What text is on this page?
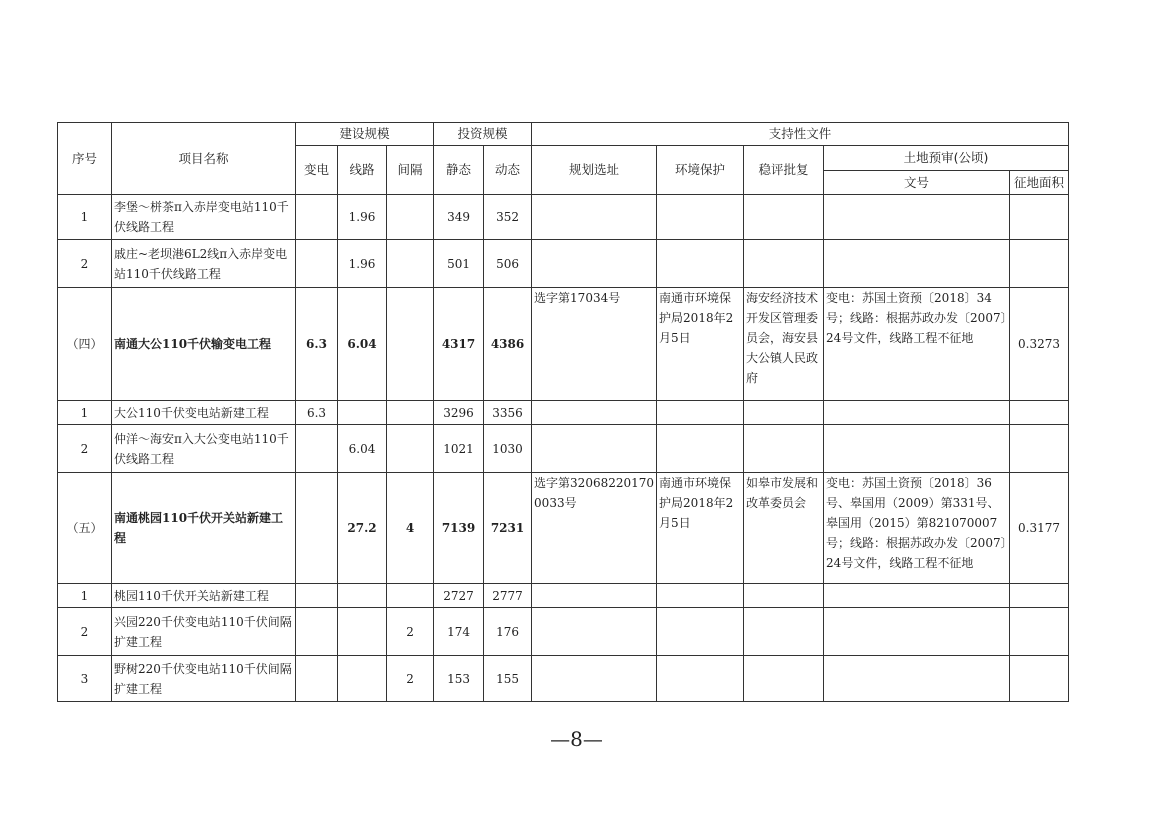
序号	项目名称	建设规模			投资规模		支持性文件				
		变电	线路	间隔	静态	动态	规划选址	环境保护	稳评批复	土地预审(公顷)	
										文号	征地面积
1	李堡～栟茶π入赤岸变电站110千伏线路工程		1.96		349	352					
2	戚庄~老坝港6L2线π入赤岸变电站110千伏线路工程		1.96		501	506					
（四）	南通大公110千伏输变电工程	6.3	6.04		4317	4386	选字第17034号	南通市环境保护局2018年2月5日	海安经济技术开发区管理委员会，海安县大公镇人民政府	变电：苏国土资预〔2018〕34号；线路：根据苏政办发〔2007〕24号文件，线路工程不征地	0.3273
1	大公110千伏变电站新建工程	6.3			3296	3356					
2	仲洋～海安π入大公变电站110千伏线路工程		6.04		1021	1030					
（五）	南通桃园110千伏开关站新建工程		27.2	4	7139	7231	选字第320682201700033号	南通市环境保护局2018年2月5日	如皋市发展和改革委员会	变电：苏国土资预〔2018〕36号、皋国用（2009）第331号、皋国用（2015）第821070007号；线路：根据苏政办发〔2007〕24号文件，线路工程不征地	0.3177
1	桃园110千伏开关站新建工程				2727	2777					
2	兴园220千伏变电站110千伏间隔扩建工程			2	174	176					
3	野树220千伏变电站110千伏间隔扩建工程			2	153	155					
—8—
